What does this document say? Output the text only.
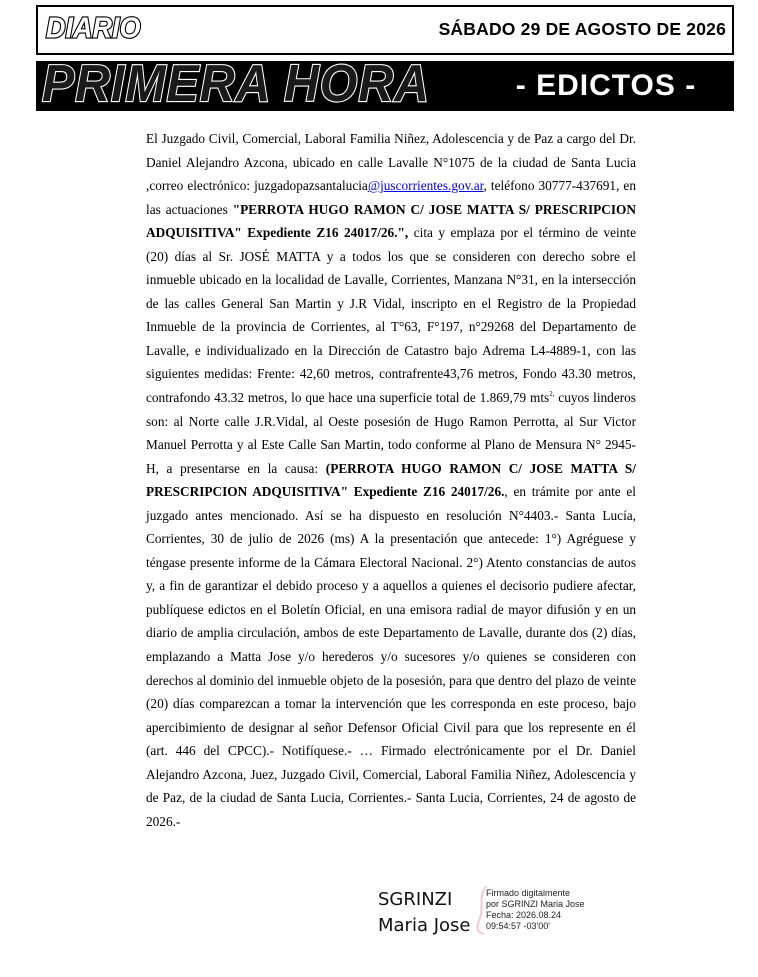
SÁBADO 29 DE AGOSTO DE 2026
- EDICTOS -
DIARIO
PRIMERA HORA

El Juzgado Civil, Comercial, Laboral Familia Niñez, Adolescencia y de Paz a cargo del Dr. Daniel Alejandro Azcona, ubicado en calle Lavalle N°1075 de la ciudad de Santa Lucia ,correo electrónico: juzgadopazsantalucia@juscorrientes.gov.ar, teléfono 30777-437691, en las actuaciones "PERROTA HUGO RAMON C/ JOSE MATTA S/ PRESCRIPCION ADQUISITIVA" Expediente Z16 24017/26.", cita y emplaza por el término de veinte (20) días al Sr. JOSÉ MATTA y a todos los que se consideren con derecho sobre el inmueble ubicado en la localidad de Lavalle, Corrientes, Manzana N°31, en la intersección de las calles General San Martin y J.R Vidal, inscripto en el Registro de la Propiedad Inmueble de la provincia de Corrientes, al T°63, F°197, n°29268 del Departamento de Lavalle, e individualizado en la Dirección de Catastro bajo Adrema L4-4889-1, con las siguientes medidas: Frente: 42,60 metros, contrafrente43,76 metros, Fondo 43.30 metros, contrafondo 43.32 metros, lo que hace una superficie total de 1.869,79 mts$^{2,}$ cuyos linderos son: al Norte calle J.R.Vidal, al Oeste posesión de Hugo Ramon Perrotta, al Sur Victor Manuel Perrotta y al Este Calle San Martin, todo conforme al Plano de Mensura N° 2945-H, a presentarse en la causa: (PERROTA HUGO RAMON C/ JOSE MATTA S/ PRESCRIPCION ADQUISITIVA" Expediente Z16 24017/26., en trámite por ante el juzgado antes mencionado. Así se ha dispuesto en resolución N°4403.- Santa Lucía, Corrientes, 30 de julio de 2026 (ms) A la presentación que antecede: 1°) Agréguese y téngase presente informe de la Cámara Electoral Nacional. 2°) Atento constancias de autos y, a fin de garantizar el debido proceso y a aquellos a quienes el decisorio pudiere afectar, publíquese edictos en el Boletín Oficial, en una emisora radial de mayor difusión y en un diario de amplia circulación, ambos de este Departamento de Lavalle, durante dos (2) días, emplazando a Matta Jose y/o herederos y/o sucesores y/o quienes se consideren con derechos al dominio del inmueble objeto de la posesión, para que dentro del plazo de veinte (20) días comparezcan a tomar la intervención que les corresponda en este proceso, bajo apercibimiento de designar al señor Defensor Oficial Civil para que los represente en él (art. 446 del CPCC).- Notifíquese.- … Firmado electrónicamente por el Dr. Daniel Alejandro Azcona, Juez, Juzgado Civil, Comercial, Laboral Familia Niñez, Adolescencia y de Paz, de la ciudad de Santa Lucia, Corrientes.- Santa Lucia, Corrientes, 24 de agosto de 2026.-

SGRINZI
Maria Jose
Firmado digitalmente
por SGRINZI Maria Jose
Fecha: 2026.08.24
09:54:57 -03'00'
